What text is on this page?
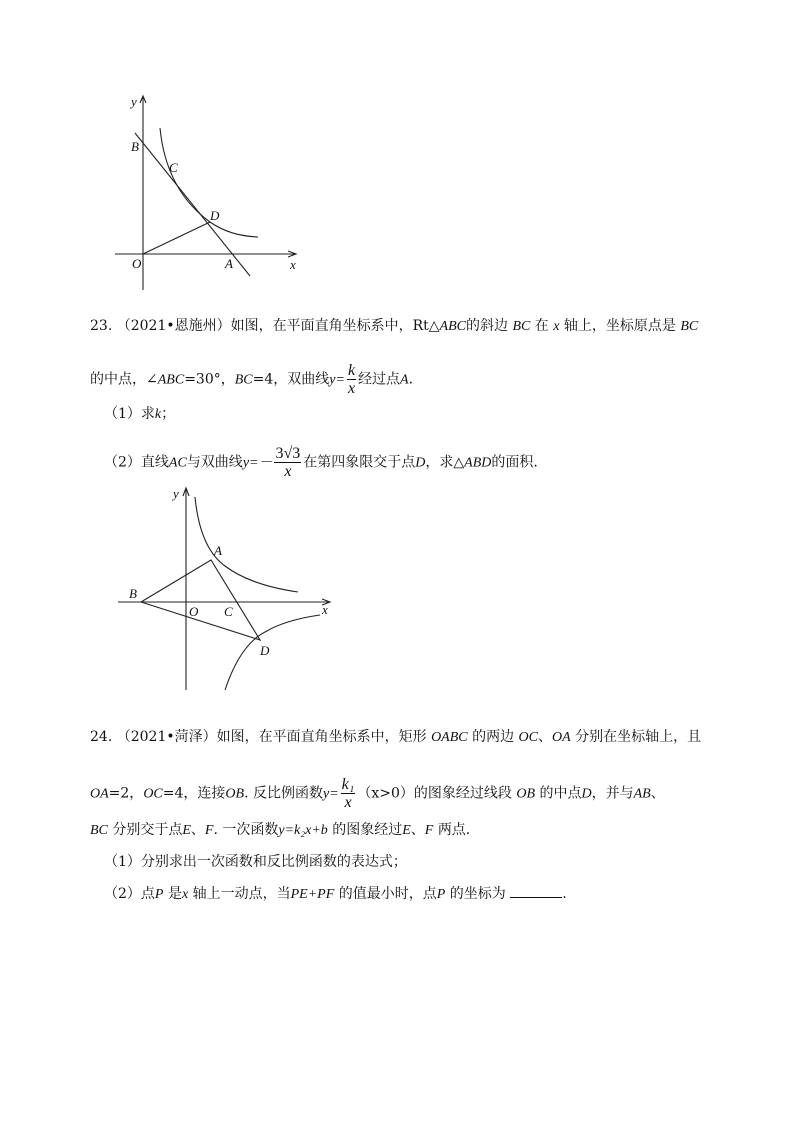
y
B
C
D
O	A	x
y
A
B
O C	x
D
23. （2021•恩施州）如图，在平面直角坐标系中，Rt△ABC的斜边 BC 在 x 轴上，坐标原点是 BC
的中点，∠ABC=30°，BC=4，双曲线$y= \frac{k}{x}$ 经过点A.
（1）求k；
（2）直线AC与双曲线$y=- \frac{3√3}{x}$ 在第四象限交于点D，求△ABD的面积.
24. （2021•菏泽）如图，在平面直角坐标系中，矩形 OABC 的两边 OC、OA 分别在坐标轴上，且
OA=2，OC=4，连接OB. 反比例函数$y= \frac{\text{k₁}}{x} (x>0)$的图象经过线段 OB 的中点D，并与AB、
BC 分别交于点E、F. 一次函数y=k₂x+b 的图象经过E、F 两点.
（1）分别求出一次函数和反比例函数的表达式；
（2）点P 是x 轴上一动点，当PE+PF 的值最小时，点P 的坐标为	.
